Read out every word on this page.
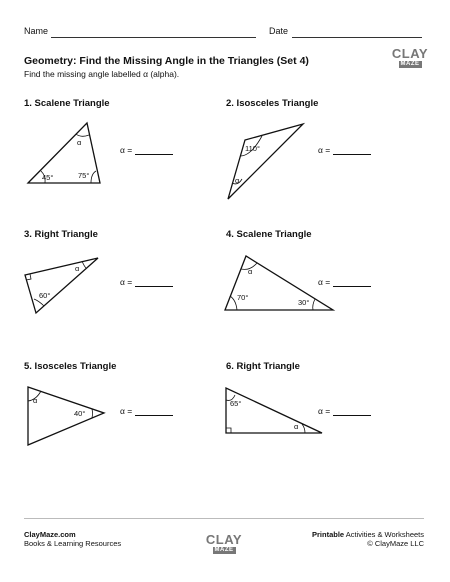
Name	Date
Geometry: Find the Missing Angle in the Triangles (Set 4)
Find the missing angle labelled α (alpha).
CLAY
MAZE
1. Scalene Triangle	2. Isosceles Triangle
3. Right Triangle	4. Scalene Triangle
5. Isosceles Triangle	6. Right Triangle
α =	α =
α =	α =
α =	α =
α
45°	75°
110°
α
α
60°
α
70°
30°
α
40°
65°
α
ClayMaze.com
Books & Learning Resources	CLAY
MAZE
Printable Activities & Worksheets
© ClayMaze LLC
